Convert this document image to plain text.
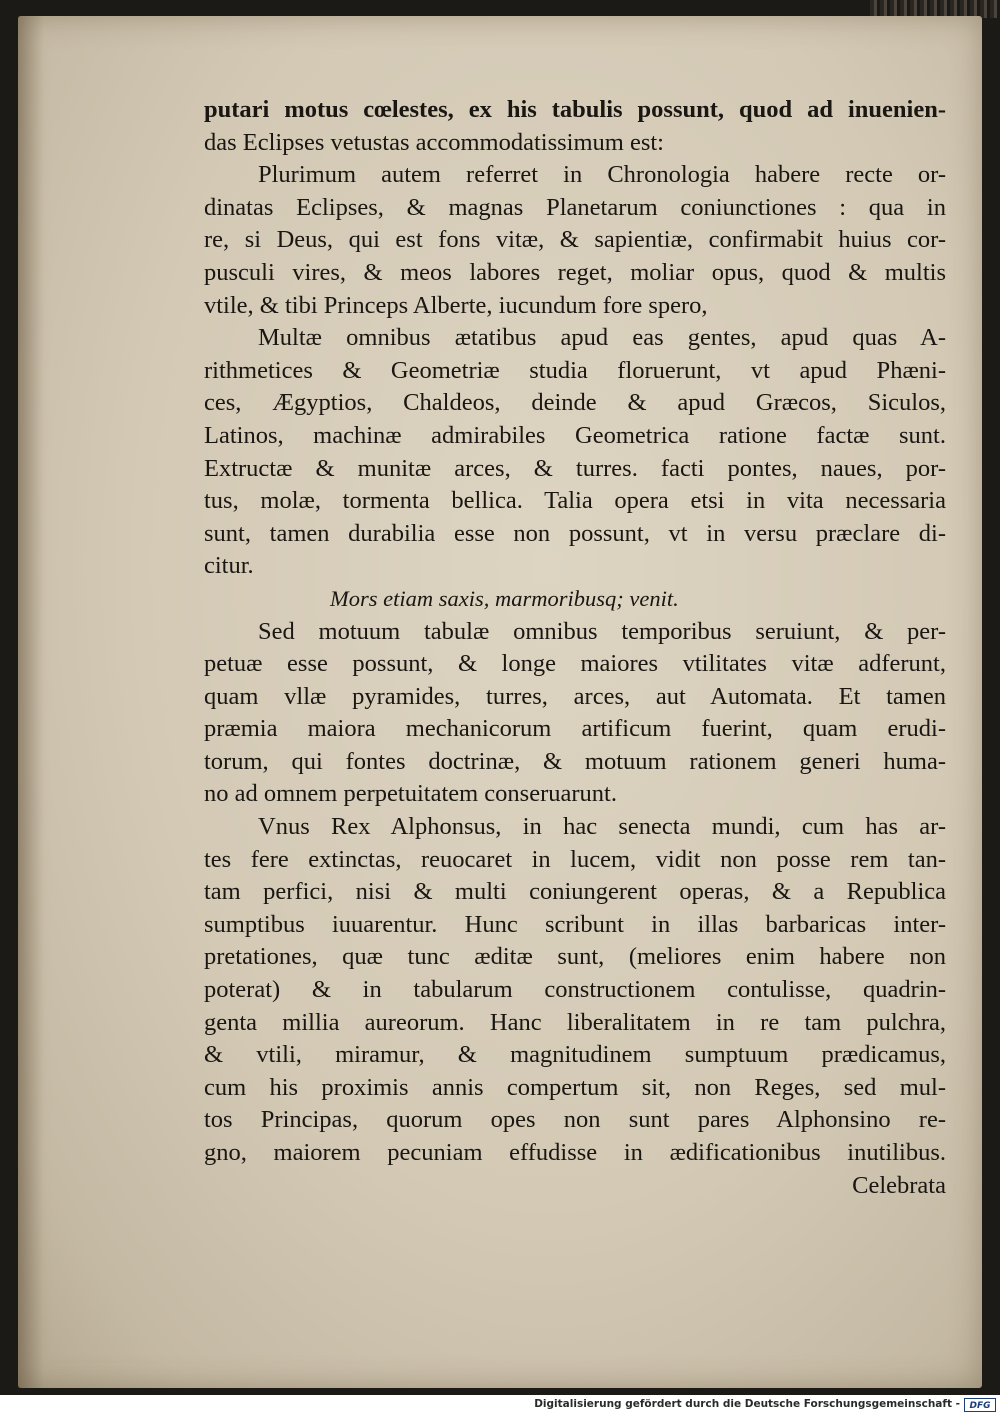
putari motus cœlestes, ex his tabulis possunt, quod ad inuenien-
das Eclipses vetustas accommodatissimum est:
Plurimum autem referret in Chronologia habere recte or-
dinatas Eclipses, & magnas Planetarum coniunctiones : qua in
re, si Deus, qui est fons vitæ, & sapientiæ, confirmabit huius cor-
pusculi vires, & meos labores reget, moliar opus, quod & multis
vtile, & tibi Princeps Alberte, iucundum fore spero,
Multæ omnibus ætatibus apud eas gentes, apud quas A-
rithmetices & Geometriæ studia floruerunt, vt apud Phæni-
ces, Ægyptios, Chaldeos, deinde & apud Græcos, Siculos,
Latinos, machinæ admirabiles Geometrica ratione factæ sunt.
Extructæ & munitæ arces, & turres. facti pontes, naues, por-
tus, molæ, tormenta bellica. Talia opera etsi in vita necessaria
sunt, tamen durabilia esse non possunt, vt in versu præclare di-
citur.
Mors etiam saxis, marmoribusq; venit.
Sed motuum tabulæ omnibus temporibus seruiunt, & per-
petuæ esse possunt, & longe maiores vtilitates vitæ adferunt,
quam vllæ pyramides, turres, arces, aut Automata. Et tamen
præmia maiora mechanicorum artificum fuerint, quam erudi-
torum, qui fontes doctrinæ, & motuum rationem generi huma-
no ad omnem perpetuitatem conseruarunt.
Vnus Rex Alphonsus, in hac senecta mundi, cum has ar-
tes fere extinctas, reuocaret in lucem, vidit non posse rem tan-
tam perfici, nisi & multi coniungerent operas, & a Republica
sumptibus iuuarentur. Hunc scribunt in illas barbaricas inter-
pretationes, quæ tunc æditæ sunt, (meliores enim habere non
poterat) & in tabularum constructionem contulisse, quadrin-
genta millia aureorum. Hanc liberalitatem in re tam pulchra,
& vtili, miramur, & magnitudinem sumptuum prædicamus,
cum his proximis annis compertum sit, non Reges, sed mul-
tos Principas, quorum opes non sunt pares Alphonsino re-
gno, maiorem pecuniam effudisse in ædificationibus inutilibus.
Celebrata
Digitalisierung gefördert durch die Deutsche Forschungsgemeinschaft -	DFG
